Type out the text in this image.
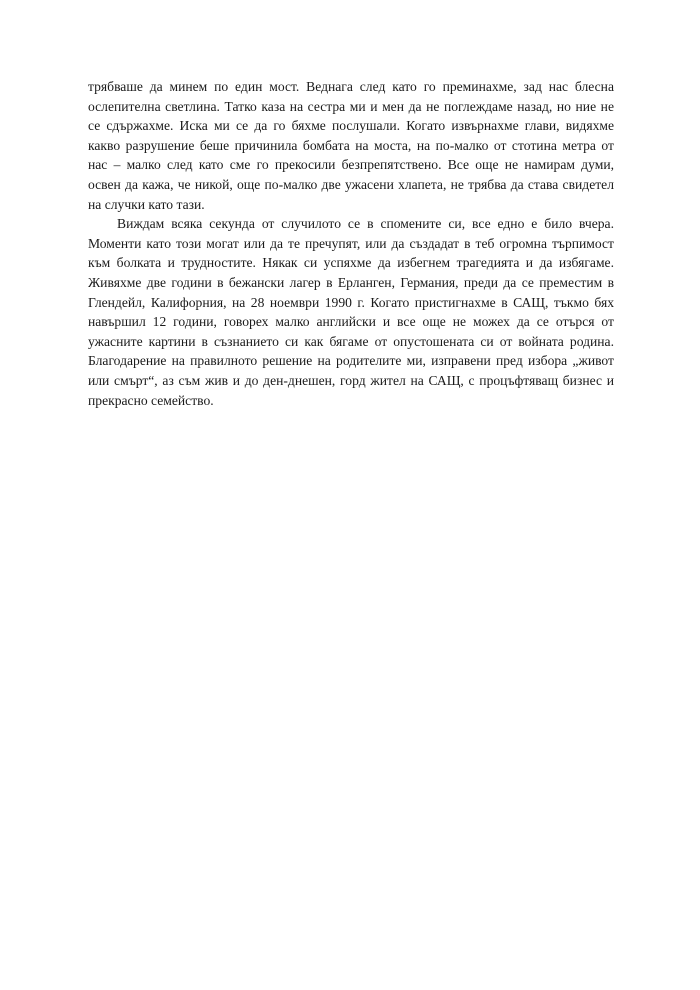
трябваше да минем по един мост. Веднага след като го преминахме, зад нас блесна
ослепителна светлина. Татко каза на сестра ми и мен да не поглеждаме назад, но ние не
се сдържахме. Иска ми се да го бяхме послушали. Когато извърнахме глави, видяхме
какво разрушение беше причинила бомбата на моста, на по-малко от стотина метра от
нас – малко след като сме го прекосили безпрепятствено. Все още не намирам думи,
освен да кажа, че никой, още по-малко две ужасени хлапета, не трябва да става свидетел
на случки като тази.
Виждам всяка секунда от случилото се в спомените си, все едно е било вчера.
Моменти като този могат или да те пречупят, или да създадат в теб огромна търпимост
към болката и трудностите. Някак си успяхме да избегнем трагедията и да избягаме.
Живяхме две години в бежански лагер в Ерланген, Германия, преди да се преместим в
Глендейл, Калифорния, на 28 ноември 1990 г. Когато пристигнахме в САЩ, тъкмо бях
навършил 12 години, говорех малко английски и все още не можех да се отърся от
ужасните картини в съзнанието си как бягаме от опустошената си от войната родина.
Благодарение на правилното решение на родителите ми, изправени пред избора „живот
или смърт“, аз съм жив и до ден-днешен, горд жител на САЩ, с процъфтяващ бизнес и
прекрасно семейство.
